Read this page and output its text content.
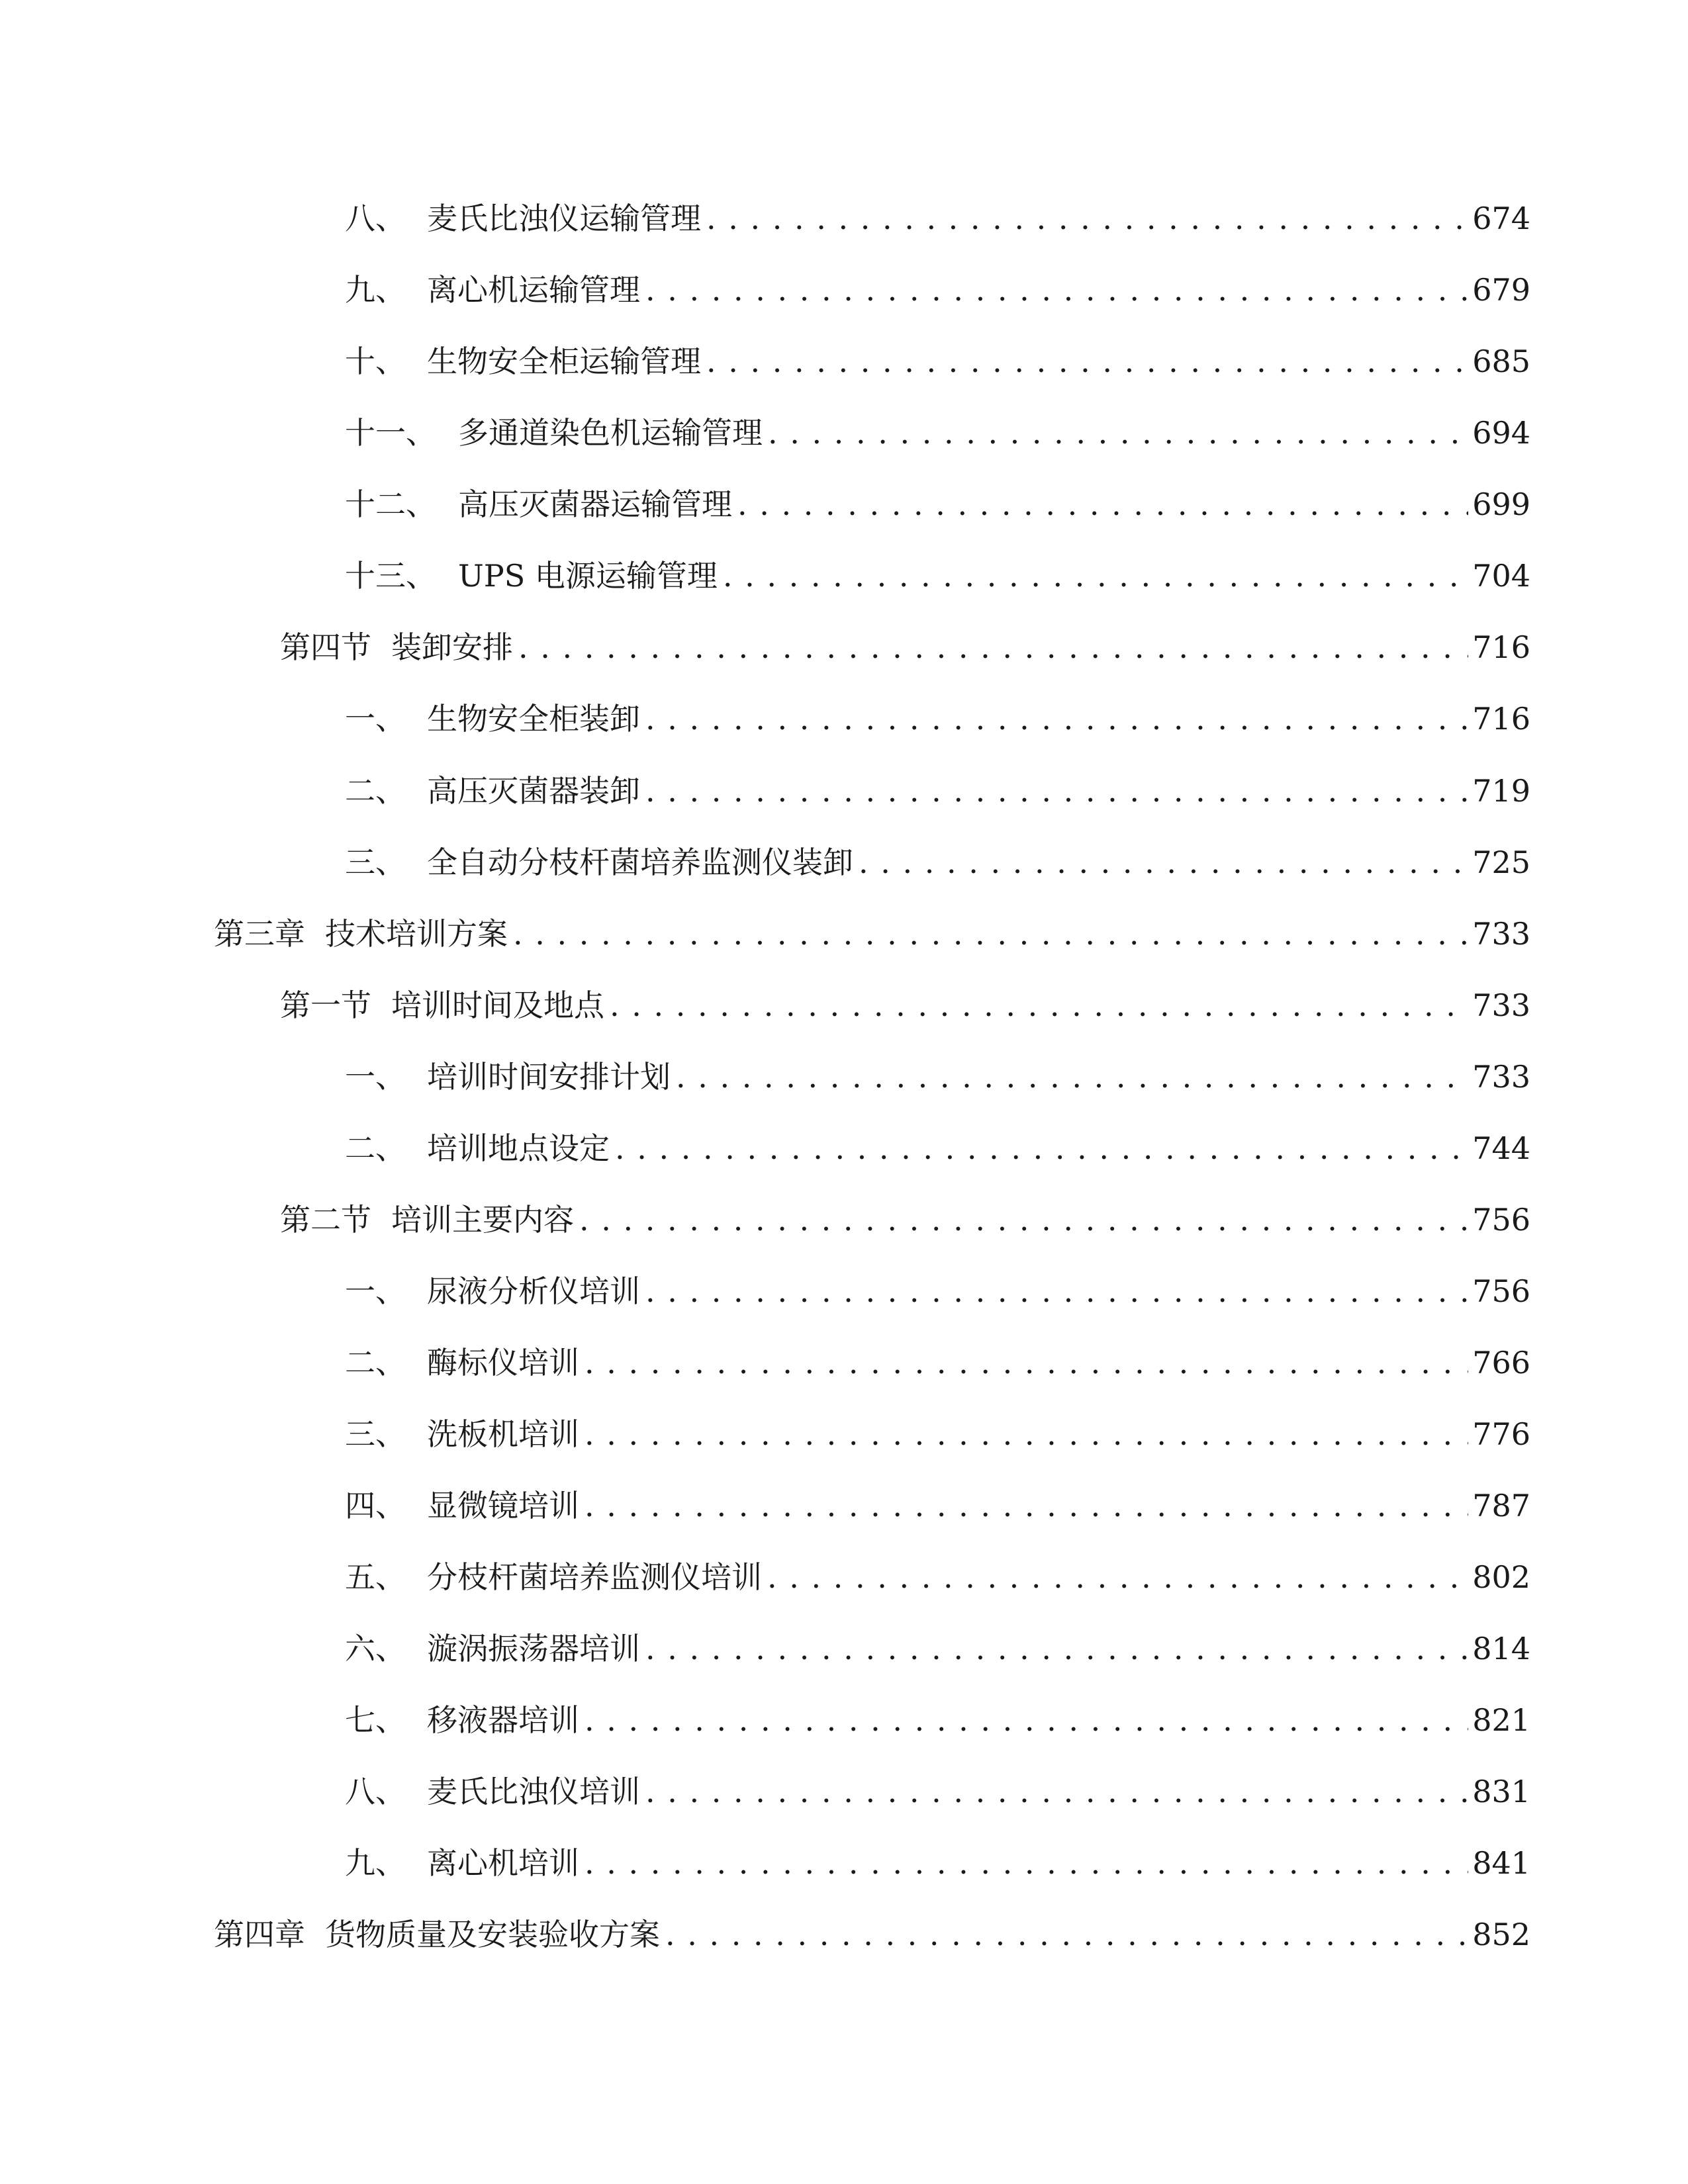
八、 麦氏比浊仪运输管理 . . .	674
九、 离心机运输管理 . . .	679
十、 生物安全柜运输管理 . . .	685
十一、 多通道染色机运输管理 . . .	694
十二、 高压灭菌器运输管理 . . .	699
十三、 UPS 电源运输管理 . . .	704
第四节 装卸安排 . . .	716
一、 生物安全柜装卸 . . .	716
二、 高压灭菌器装卸 . . .	719
三、 全自动分枝杆菌培养监测仪装卸 . . .	725
第三章 技术培训方案 . . .	733
第一节 培训时间及地点 . . .	733
一、 培训时间安排计划 . . .	733
二、 培训地点设定 . . .	744
第二节 培训主要内容 . . .	756
一、 尿液分析仪培训 . . .	756
二、 酶标仪培训 . . .	766
三、 洗板机培训 . . .	776
四、 显微镜培训 . . .	787
五、 分枝杆菌培养监测仪培训 . . .	802
六、 漩涡振荡器培训 . . .	814
七、 移液器培训 . . .	821
八、 麦氏比浊仪培训 . . .	831
九、 离心机培训 . . .	841
第四章 货物质量及安装验收方案 . . .	852
